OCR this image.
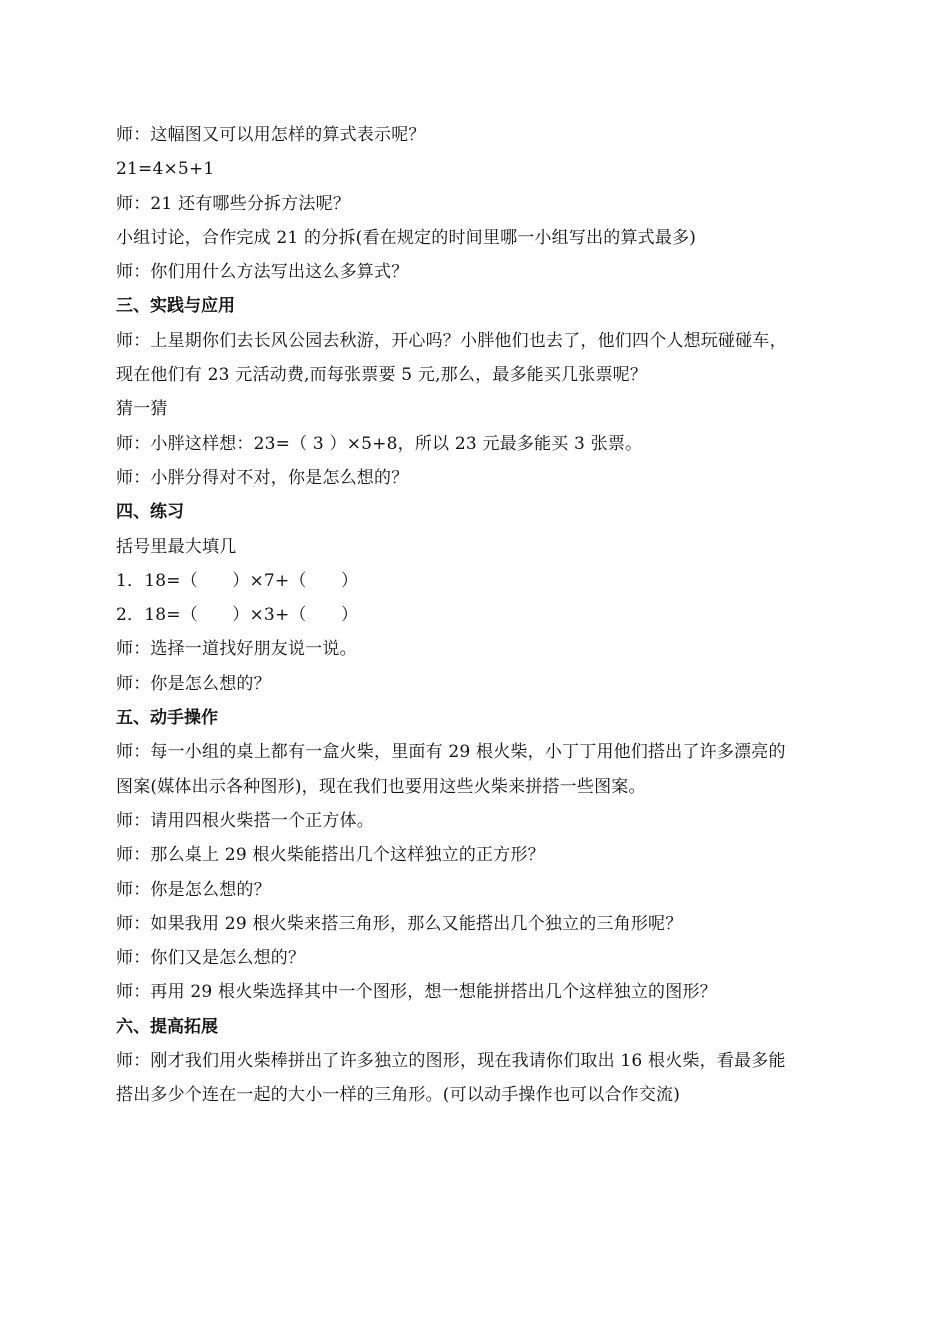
师：这幅图又可以用怎样的算式表示呢？
21=4×5+1
师：21 还有哪些分拆方法呢？
小组讨论，合作完成 21 的分拆(看在规定的时间里哪一小组写出的算式最多)
师：你们用什么方法写出这么多算式？
三、实践与应用
师：上星期你们去长风公园去秋游，开心吗？小胖他们也去了，他们四个人想玩碰碰车，
现在他们有 23 元活动费,而每张票要 5 元,那么，最多能买几张票呢？
猜一猜
师：小胖这样想：23=（ 3 ）×5+8，所以 23 元最多能买 3 张票。
师：小胖分得对不对，你是怎么想的？
四、练习
括号里最大填几
1．18=（　　）×7+（　　）
2．18=（　　）×3+（　　）
师：选择一道找好朋友说一说。
师：你是怎么想的？
五、动手操作
师：每一小组的桌上都有一盒火柴，里面有 29 根火柴，小丁丁用他们搭出了许多漂亮的
图案(媒体出示各种图形)，现在我们也要用这些火柴来拼搭一些图案。
师：请用四根火柴搭一个正方体。
师：那么桌上 29 根火柴能搭出几个这样独立的正方形？
师：你是怎么想的？
师：如果我用 29 根火柴来搭三角形，那么又能搭出几个独立的三角形呢？
师：你们又是怎么想的？
师：再用 29 根火柴选择其中一个图形，想一想能拼搭出几个这样独立的图形？
六、提高拓展
师：刚才我们用火柴棒拼出了许多独立的图形，现在我请你们取出 16 根火柴，看最多能
搭出多少个连在一起的大小一样的三角形。(可以动手操作也可以合作交流)
